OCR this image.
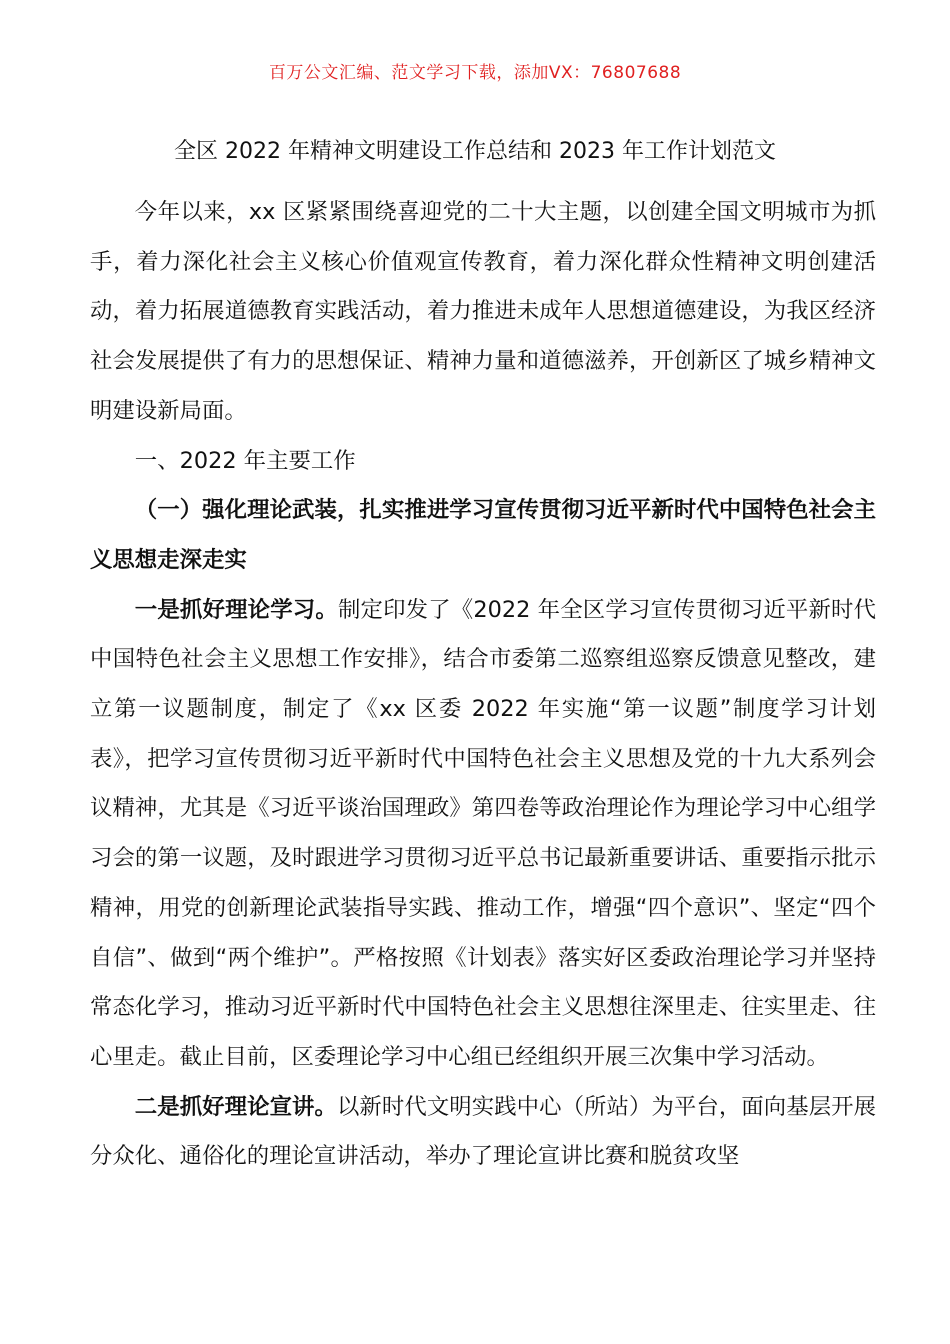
百万公文汇编、范文学习下载，添加VX：76807688
全区 2022 年精神文明建设工作总结和 2023 年工作计划范文

今年以来，xx 区紧紧围绕喜迎党的二十大主题，以创建全国文明城市为抓手，着力深化社会主义核心价值观宣传教育，着力深化群众性精神文明创建活动，着力拓展道德教育实践活动，着力推进未成年人思想道德建设，为我区经济社会发展提供了有力的思想保证、精神力量和道德滋养，开创新区了城乡精神文明建设新局面。

一、2022 年主要工作

（一）强化理论武装，扎实推进学习宣传贯彻习近平新时代中国特色社会主义思想走深走实

一是抓好理论学习。制定印发了《2022 年全区学习宣传贯彻习近平新时代中国特色社会主义思想工作安排》，结合市委第二巡察组巡察反馈意见整改，建立第一议题制度，制定了《xx 区委 2022 年实施“第一议题”制度学习计划表》，把学习宣传贯彻习近平新时代中国特色社会主义思想及党的十九大系列会议精神，尤其是《习近平谈治国理政》第四卷等政治理论作为理论学习中心组学习会的第一议题，及时跟进学习贯彻习近平总书记最新重要讲话、重要指示批示精神，用党的创新理论武装指导实践、推动工作，增强“四个意识”、坚定“四个自信”、做到“两个维护”。严格按照《计划表》落实好区委政治理论学习并坚持常态化学习，推动习近平新时代中国特色社会主义思想往深里走、往实里走、往心里走。截止目前，区委理论学习中心组已经组织开展三次集中学习活动。

二是抓好理论宣讲。以新时代文明实践中心（所站）为平台，面向基层开展分众化、通俗化的理论宣讲活动，举办了理论宣讲比赛和脱贫攻坚
